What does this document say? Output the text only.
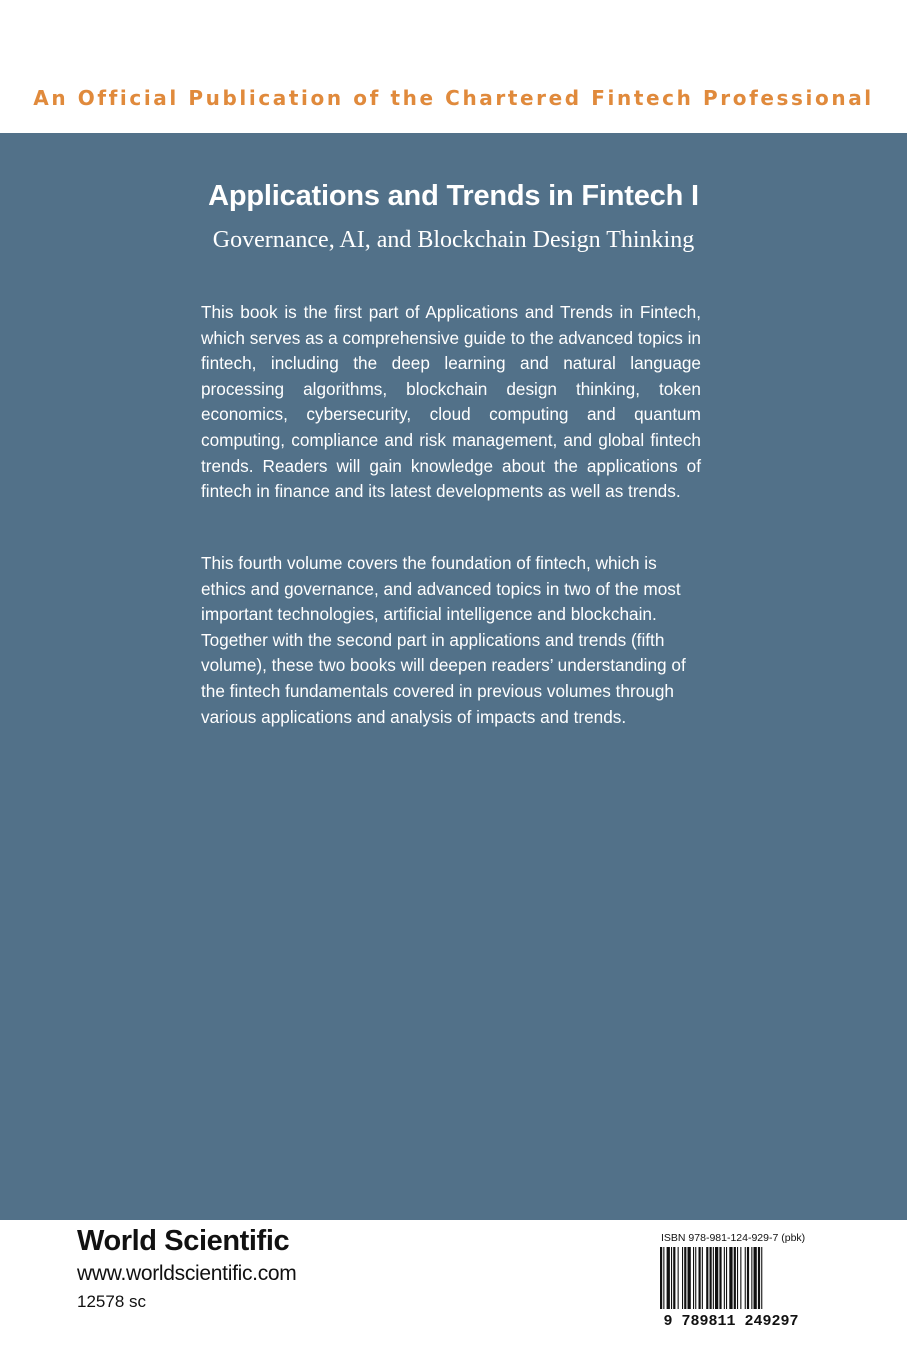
An Official Publication of the Chartered Fintech Professional
Applications and Trends in Fintech I
Governance, AI, and Blockchain Design Thinking

This book is the first part of Applications and Trends in Fintech, which serves as a comprehensive guide to the advanced topics in fintech, including the deep learning and natural language processing algorithms, blockchain design thinking, token economics, cybersecurity, cloud computing and quantum computing, compliance and risk management, and global fintech trends. Readers will gain knowledge about the applications of fintech in finance and its latest developments as well as trends.

This fourth volume covers the foundation of fintech, which is ethics and governance, and advanced topics in two of the most important technologies, artificial intelligence and blockchain. Together with the second part in applications and trends (fifth volume), these two books will deepen readers’ understanding of the fintech fundamentals covered in previous volumes through various applications and analysis of impacts and trends.

World Scientific
www.worldscientific.com
12578 sc
ISBN 978-981-124-929-7 (pbk)
9 789811 249297
